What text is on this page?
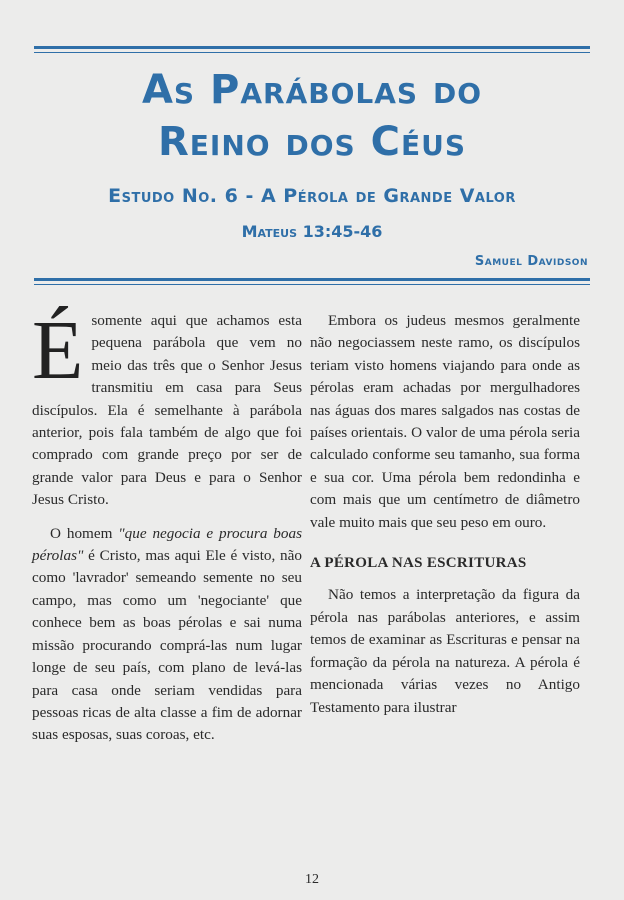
As Parábolas do
Reino dos Céus
Estudo No. 6 - A Pérola de Grande Valor
Mateus 13:45-46
Samuel Davidson

Ésomente aqui que achamos esta pequena parábola que vem no meio das três que o Senhor Jesus transmitiu em casa para Seus discípulos. Ela é semelhante à parábola anterior, pois fala também de algo que foi comprado com grande preço por ser de grande valor para Deus e para o Senhor Jesus Cristo.

O homem "que negocia e procura boas pérolas" é Cristo, mas aqui Ele é visto, não como 'lavrador' semeando semente no seu campo, mas como um 'negociante' que conhece bem as boas pérolas e sai numa missão procurando comprá-las num lugar longe de seu país, com plano de levá-las para casa onde seriam vendidas para pessoas ricas de alta classe a fim de adornar suas esposas, suas coroas, etc.

Embora os judeus mesmos geralmente não negociassem neste ramo, os discípulos teriam visto homens viajando para onde as pérolas eram achadas por mergulhadores nas águas dos mares salgados nas costas de países orientais. O valor de uma pérola seria calculado conforme seu tamanho, sua forma e sua cor. Uma pérola bem redondinha e com mais que um centímetro de diâmetro vale muito mais que seu peso em ouro.

A PÉROLA NAS ESCRITURAS

Não temos a interpretação da figura da pérola nas parábolas anteriores, e assim temos de examinar as Escrituras e pensar na formação da pérola na natureza. A pérola é mencionada várias vezes no Antigo Testamento para ilustrar

12
